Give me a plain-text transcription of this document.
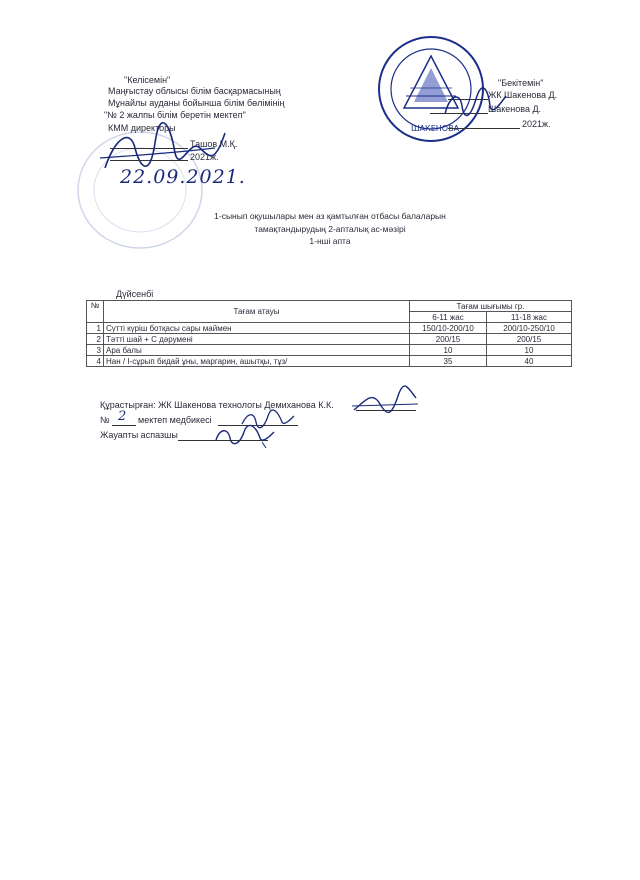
"Келісемін"
Маңғыстау облысы білім басқармасының
Мұнайлы ауданы бойынша білім бөлімінің
"№ 2 жалпы білім беретін мектеп"
КММ директоры
Ташов М.Қ.
2021ж.
22.09.2021.
ШАКЕНОВА
"Бекітемін"
ЖК Шакенова Д.
Шакенова Д.
2021ж.
1-сынып оқушылары мен аз қамтылған отбасы балаларын
тамақтандырудың 2-апталық ас-мәзірі
1-нші апта
Дүйсенбі
№	Тағам атауы	Тағам шығымы гр.	
		6-11 жас	11-18 жас
1	Сүтті күріш ботқасы сары маймен	150/10-200/10	200/10-250/10
2	Тәтті шай + С дәрумені	200/15	200/15
3	Ара балы	10	10
4	Нан / I-сұрып бидай ұны, маргарин, ашытқы, тұз/	35	40
Құрастырған: ЖК Шакенова технологы Демиханова К.К.
№ 2 мектеп медбикесі
Жауапты аспазшы
